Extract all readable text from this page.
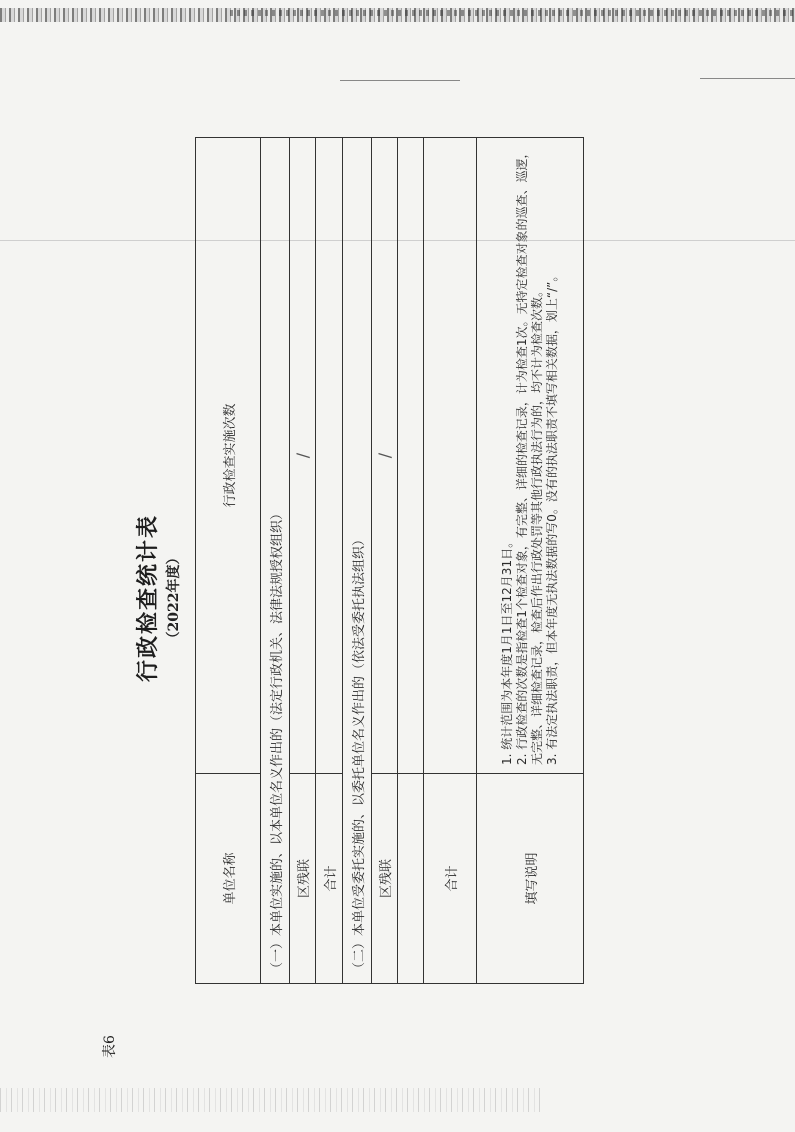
表6
行政检查统计表 （2022年度）
单位名称	行政检查实施次数
（一）本单位实施的、以本单位名义作出的（法定行政机关、法律法规授权组织）	
区残联	/
合计	
（二）本单位受委托实施的、以委托单位名义作出的（依法受委托执法组织）	
区残联	/

合计	
填写说明	1. 统计范围为本年度1月1日至12月31日。 2. 行政检查的次数是指检查1个检查对象，有完整、详细的检查记录，计为检查1次。无特定检查对象的巡查、巡逻，无完整、详细检查记录，检查后作出行政处罚等其他行政执法行为的，均不计为检查次数。 3. 有法定执法职责，但本年度无执法数据的写0。没有的执法职责不填写相关数据，划上“/”。
